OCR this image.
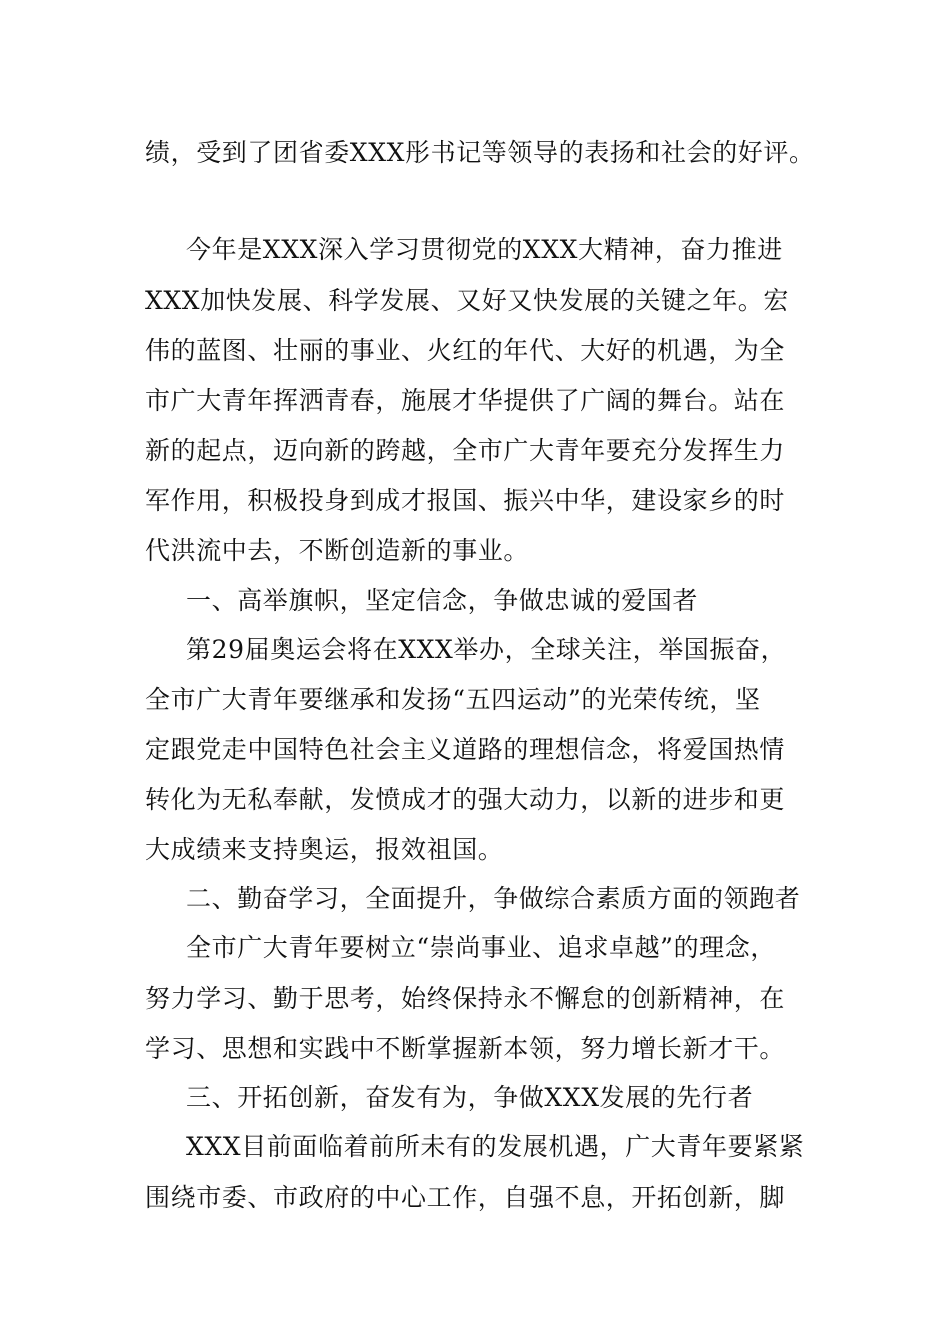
绩，受到了团省委XXX彤书记等领导的表扬和社会的好评。
今年是XXX深入学习贯彻党的XXX大精神，奋力推进
XXX加快发展、科学发展、又好又快发展的关键之年。宏
伟的蓝图、壮丽的事业、火红的年代、大好的机遇，为全
市广大青年挥洒青春，施展才华提供了广阔的舞台。站在
新的起点，迈向新的跨越，全市广大青年要充分发挥生力
军作用，积极投身到成才报国、振兴中华，建设家乡的时
代洪流中去，不断创造新的事业。
一、高举旗帜，坚定信念，争做忠诚的爱国者
第29届奥运会将在XXX举办，全球关注，举国振奋，
全市广大青年要继承和发扬“五四运动”的光荣传统，坚
定跟党走中国特色社会主义道路的理想信念，将爱国热情
转化为无私奉献，发愤成才的强大动力，以新的进步和更
大成绩来支持奥运，报效祖国。
二、勤奋学习，全面提升，争做综合素质方面的领跑者
全市广大青年要树立“崇尚事业、追求卓越”的理念，
努力学习、勤于思考，始终保持永不懈怠的创新精神，在
学习、思想和实践中不断掌握新本领，努力增长新才干。
三、开拓创新，奋发有为，争做XXX发展的先行者
XXX目前面临着前所未有的发展机遇，广大青年要紧紧
围绕市委、市政府的中心工作，自强不息，开拓创新，脚
